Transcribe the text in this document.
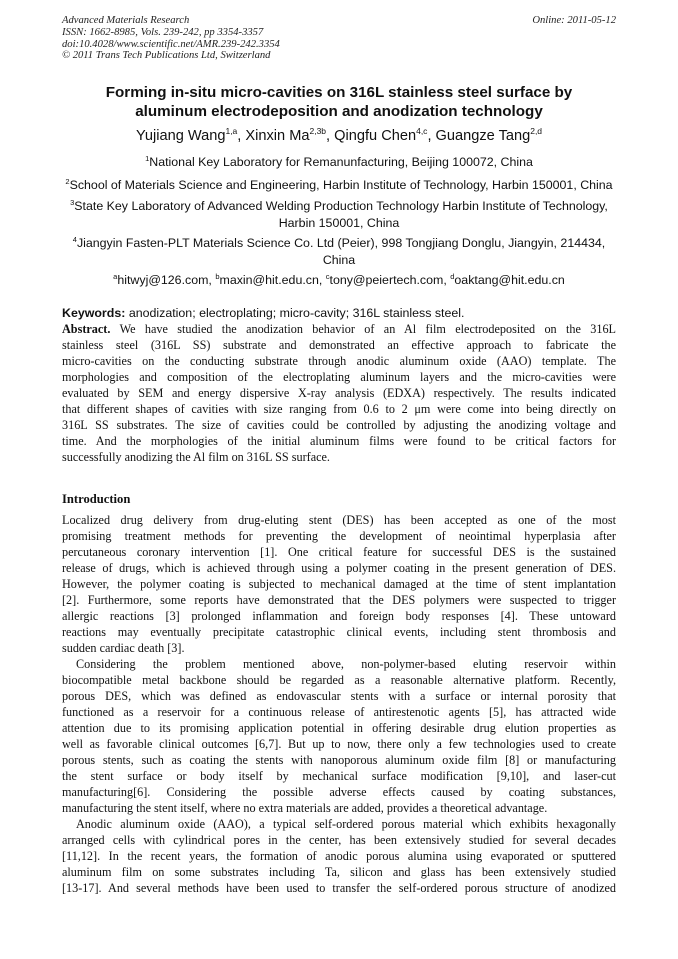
Advanced Materials Research
ISSN: 1662-8985, Vols. 239-242, pp 3354-3357
doi:10.4028/www.scientific.net/AMR.239-242.3354
© 2011 Trans Tech Publications Ltd, Switzerland
Online: 2011-05-12
Forming in-situ micro-cavities on 316L stainless steel surface by
aluminum electrodeposition and anodization technology
Yujiang Wang$^{1,a}$, Xinxin $Ma^{2,3b}$, Qingfu Chen$^{4,c}$, Guangze Tang$^{2,d}$
$^1$National Key Laboratory for Remanunfacturing, Beijing 100072, China
$^2$School of Materials Science and Engineering, Harbin Institute of Technology, Harbin 150001, China
$^3$State Key Laboratory of Advanced Welding Production Technology Harbin Institute of Technology,
Harbin 150001, China
$^4$Jiangyin Fasten-PLT Materials Science Co. Ltd (Peier), 998 Tongjiang Donglu, Jiangyin, 214434,
China
$^a$hitwyj@126.com, $^b$maxin@hit.edu.cn, $^c$tony@peiertech.com, $^d$oaktang@hit.edu.cn
Keywords: anodization; electroplating; micro-cavity; 316L stainless steel.
Abstract. We have studied the anodization behavior of an Al film electrodeposited on the 316L
stainless steel (316L SS) substrate and demonstrated an effective approach to fabricate the
micro-cavities on the conducting substrate through anodic aluminum oxide (AAO) template. The
morphologies and composition of the electroplating aluminum layers and the micro-cavities were
evaluated by SEM and energy dispersive X-ray analysis (EDXA) respectively. The results indicated
that different shapes of cavities with size ranging from 0.6 to 2 μm were come into being directly on
316L SS substrates. The size of cavities could be controlled by adjusting the anodizing voltage and
time. And the morphologies of the initial aluminum films were found to be critical factors for
successfully anodizing the Al film on 316L SS surface.
Introduction
Localized drug delivery from drug-eluting stent (DES) has been accepted as one of the most
promising treatment methods for preventing the development of neointimal hyperplasia after
percutaneous coronary intervention [1]. One critical feature for successful DES is the sustained
release of drugs, which is achieved through using a polymer coating in the present generation of DES.
However, the polymer coating is subjected to mechanical damaged at the time of stent implantation
[2]. Furthermore, some reports have demonstrated that the DES polymers were suspected to trigger
allergic reactions [3] prolonged inflammation and foreign body responses [4]. These untoward
reactions may eventually precipitate catastrophic clinical events, including stent thrombosis and
sudden cardiac death [3].
Considering the problem mentioned above, non-polymer-based eluting reservoir within
biocompatible metal backbone should be regarded as a reasonable alternative platform. Recently,
porous DES, which was defined as endovascular stents with a surface or internal porosity that
functioned as a reservoir for a continuous release of antirestenotic agents [5], has attracted wide
attention due to its promising application potential in offering desirable drug elution properties as
well as favorable clinical outcomes [6,7]. But up to now, there only a few technologies used to create
porous stents, such as coating the stents with nanoporous aluminum oxide film [8] or manufacturing
the stent surface or body itself by mechanical surface modification [9,10], and laser-cut
manufacturing[6]. Considering the possible adverse effects caused by coating substances,
manufacturing the stent itself, where no extra materials are added, provides a theoretical advantage.
Anodic aluminum oxide (AAO), a typical self-ordered porous material which exhibits hexagonally
arranged cells with cylindrical pores in the center, has been extensively studied for several decades
[11,12]. In the recent years, the formation of anodic porous alumina using evaporated or sputtered
aluminum film on some substrates including Ta, silicon and glass has been extensively studied
[13-17]. And several methods have been used to transfer the self-ordered porous structure of anodized
